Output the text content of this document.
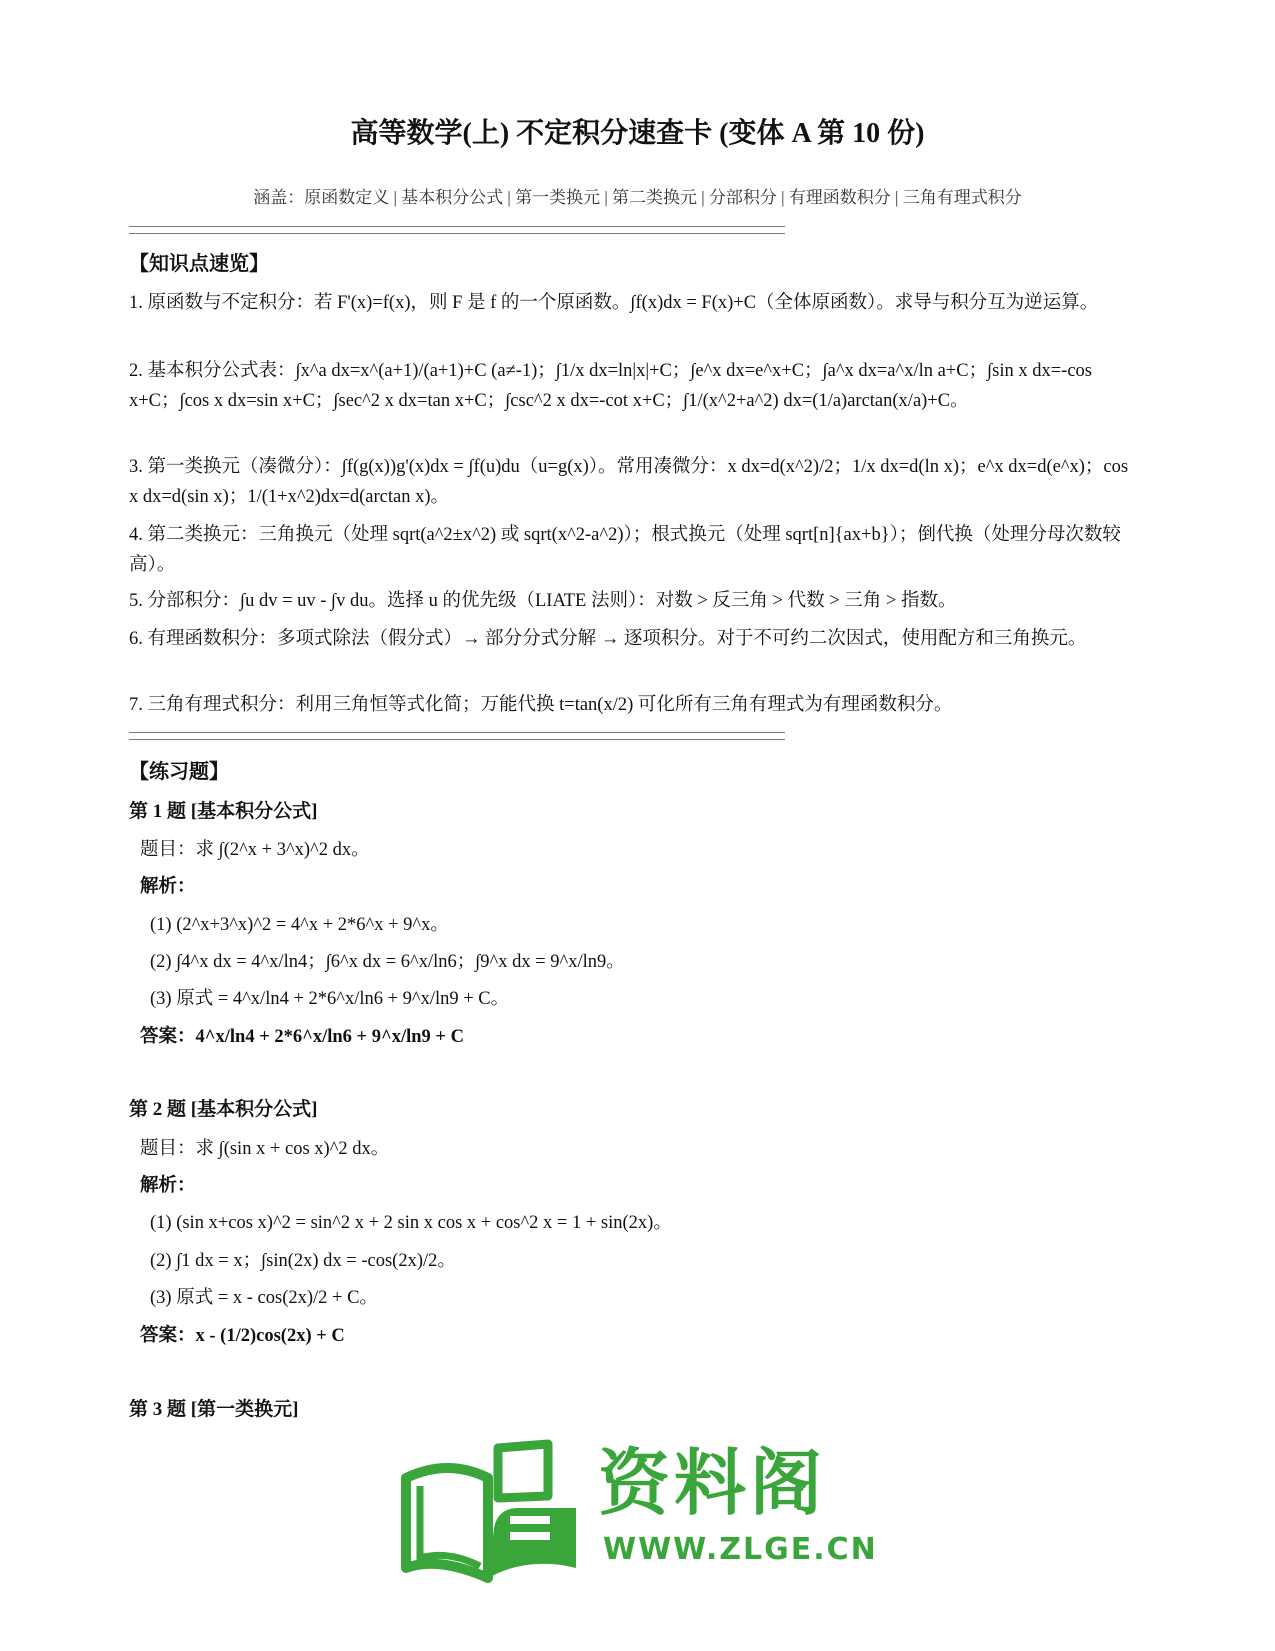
高等数学(上) 不定积分速查卡 (变体 A 第 10 份)
涵盖：原函数定义 | 基本积分公式 | 第一类换元 | 第二类换元 | 分部积分 | 有理函数积分 | 三角有理式积分
【知识点速览】
1. 原函数与不定积分：若 F'(x)=f(x)，则 F 是 f 的一个原函数。∫f(x)dx = F(x)+C（全体原函数）。求导与积分互为逆运算。
2. 基本积分公式表：∫x^a dx=x^(a+1)/(a+1)+C (a≠-1)；∫1/x dx=ln|x|+C；∫e^x dx=e^x+C；∫a^x dx=a^x/ln a+C；∫sin x dx=-cos x+C；∫cos x dx=sin x+C；∫sec^2 x dx=tan x+C；∫csc^2 x dx=-cot x+C；∫1/(x^2+a^2) dx=(1/a)arctan(x/a)+C。
3. 第一类换元（凑微分）：∫f(g(x))g'(x)dx = ∫f(u)du（u=g(x)）。常用凑微分：x dx=d(x^2)/2；1/x dx=d(ln x)；e^x dx=d(e^x)；cos x dx=d(sin x)；1/(1+x^2)dx=d(arctan x)。
4. 第二类换元：三角换元（处理 sqrt(a^2±x^2) 或 sqrt(x^2-a^2)）；根式换元（处理 sqrt[n]{ax+b}）；倒代换（处理分母次数较高）。
5. 分部积分：∫u dv = uv - ∫v du。选择 u 的优先级（LIATE 法则）：对数 > 反三角 > 代数 > 三角 > 指数。
6. 有理函数积分：多项式除法（假分式）→ 部分分式分解 → 逐项积分。对于不可约二次因式，使用配方和三角换元。
7. 三角有理式积分：利用三角恒等式化简；万能代换 t=tan(x/2) 可化所有三角有理式为有理函数积分。
【练习题】
第 1 题 [基本积分公式]
题目：求 ∫(2^x + 3^x)^2 dx。
解析：
(1) (2^x+3^x)^2 = 4^x + 2*6^x + 9^x。
(2) ∫4^x dx = 4^x/ln4；∫6^x dx = 6^x/ln6；∫9^x dx = 9^x/ln9。
(3) 原式 = 4^x/ln4 + 2*6^x/ln6 + 9^x/ln9 + C。
答案：4^x/ln4 + 2*6^x/ln6 + 9^x/ln9 + C
第 2 题 [基本积分公式]
题目：求 ∫(sin x + cos x)^2 dx。
解析：
(1) (sin x+cos x)^2 = sin^2 x + 2 sin x cos x + cos^2 x = 1 + sin(2x)。
(2) ∫1 dx = x；∫sin(2x) dx = -cos(2x)/2。
(3) 原式 = x - cos(2x)/2 + C。
答案：x - (1/2)cos(2x) + C
第 3 题 [第一类换元]
资料阁
WWW.ZLGE.CN
